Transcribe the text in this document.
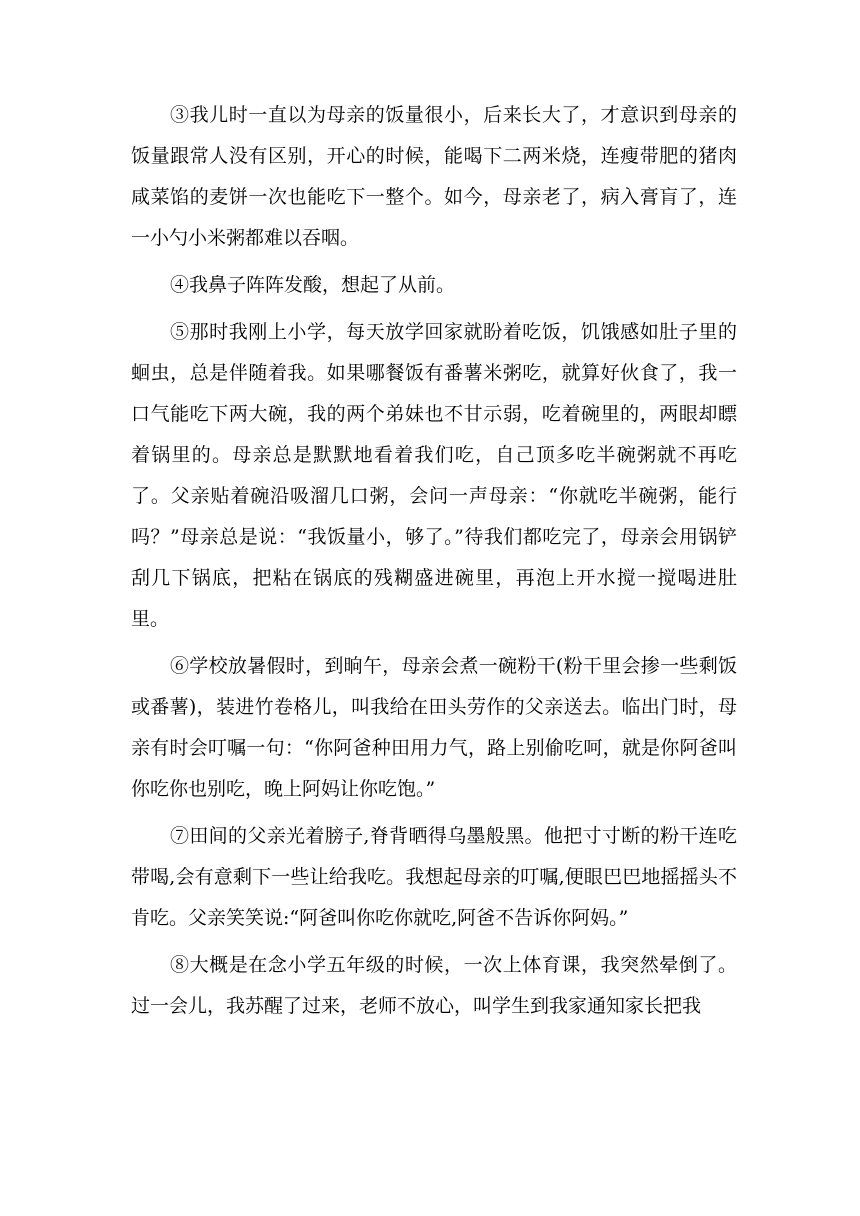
③我儿时一直以为母亲的饭量很小，后来长大了，才意识到母亲的饭量跟常人没有区别，开心的时候，能喝下二两米烧，连瘦带肥的猪肉咸菜馅的麦饼一次也能吃下一整个。如今，母亲老了，病入膏肓了，连一小勺小米粥都难以吞咽。

④我鼻子阵阵发酸，想起了从前。

⑤那时我刚上小学，每天放学回家就盼着吃饭，饥饿感如肚子里的蛔虫，总是伴随着我。如果哪餐饭有番薯米粥吃，就算好伙食了，我一口气能吃下两大碗，我的两个弟妹也不甘示弱，吃着碗里的，两眼却瞟着锅里的。母亲总是默默地看着我们吃，自己顶多吃半碗粥就不再吃了。父亲贴着碗沿吸溜几口粥，会问一声母亲：“你就吃半碗粥，能行吗？”母亲总是说：“我饭量小，够了。”待我们都吃完了，母亲会用锅铲刮几下锅底，把粘在锅底的残糊盛进碗里，再泡上开水搅一搅喝进肚里。

⑥学校放暑假时，到晌午，母亲会煮一碗粉干(粉干里会掺一些剩饭或番薯)，装进竹卷格儿，叫我给在田头劳作的父亲送去。临出门时，母亲有时会叮嘱一句：“你阿爸种田用力气，路上别偷吃呵，就是你阿爸叫你吃你也别吃，晚上阿妈让你吃饱。”

⑦田间的父亲光着膀子,脊背晒得乌墨般黑。他把寸寸断的粉干连吃带喝,会有意剩下一些让给我吃。我想起母亲的叮嘱,便眼巴巴地摇摇头不肯吃。父亲笑笑说:“阿爸叫你吃你就吃,阿爸不告诉你阿妈。”

⑧大概是在念小学五年级的时候，一次上体育课，我突然晕倒了。过一会儿，我苏醒了过来，老师不放心，叫学生到我家通知家长把我
